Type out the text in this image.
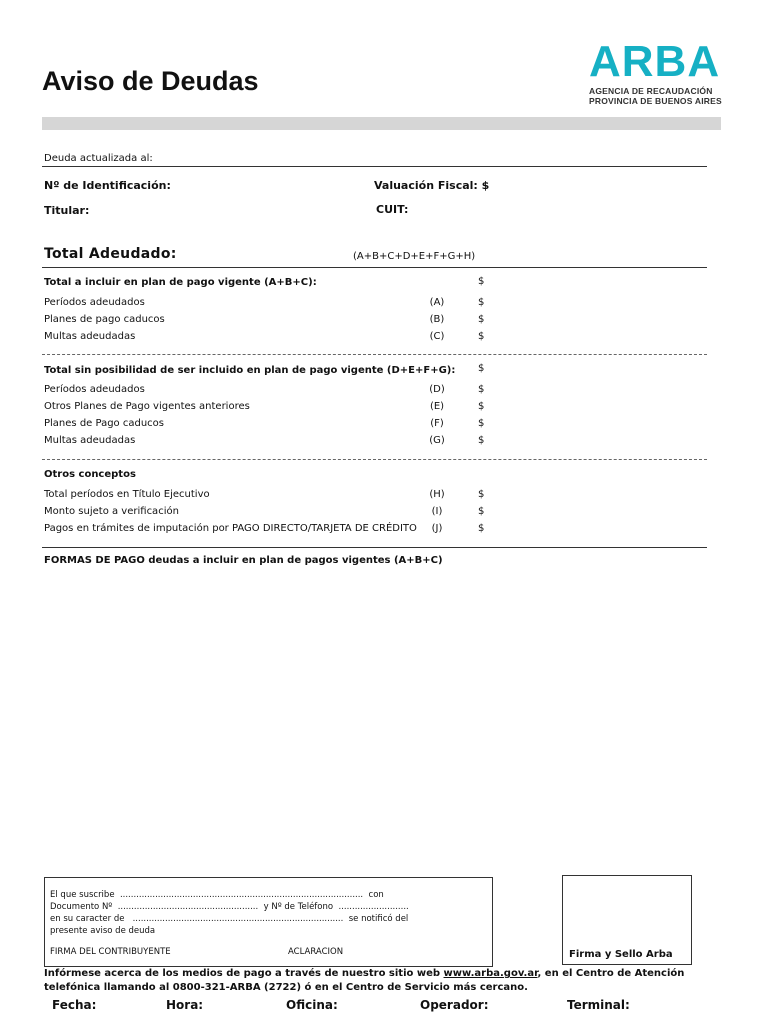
Aviso de Deudas	ARBA
AGENCIA DE RECAUDACIÓN
PROVINCIA DE BUENOS AIRES
Deuda actualizada al:
Nº de Identificación:	Valuación Fiscal: $
Titular:	CUIT:
Total Adeudado:	(A+B+C+D+E+F+G+H)
Total a incluir en plan de pago vigente (A+B+C):	$
Períodos adeudados	(A)	$
Planes de pago caducos	(B)	$
Multas adeudadas	(C)	$
Total sin posibilidad de ser incluido en plan de pago vigente (D+E+F+G): $
Períodos adeudados	(D)	$
Otros Planes de Pago vigentes anteriores	(E)	$
Planes de Pago caducos	(F)	$
Multas adeudadas	(G)	$
Otros conceptos
Total períodos en Título Ejecutivo	(H)	$
Monto sujeto a verificación	(I)	$
Pagos en trámites de imputación por PAGO DIRECTO/TARJETA DE CRÉDITO	(J)	$
FORMAS DE PAGO deudas a incluir en plan de pagos vigentes (A+B+C)
El que suscribe  ..........................................................................................  con
Documento Nº  ....................................................  y Nº de Teléfono  ..........................
en su caracter de   ..............................................................................  se notificó del
presente aviso de deuda
FIRMA DEL CONTRIBUYENTE	ACLARACION	Firma y Sello Arba
Infórmese acerca de los medios de pago a través de nuestro sitio web www.arba.gov.ar, en el Centro de Atención
telefónica llamando al 0800-321-ARBA (2722) ó en el Centro de Servicio más cercano.
Fecha:	Hora:	Oficina:	Operador:	Terminal:
